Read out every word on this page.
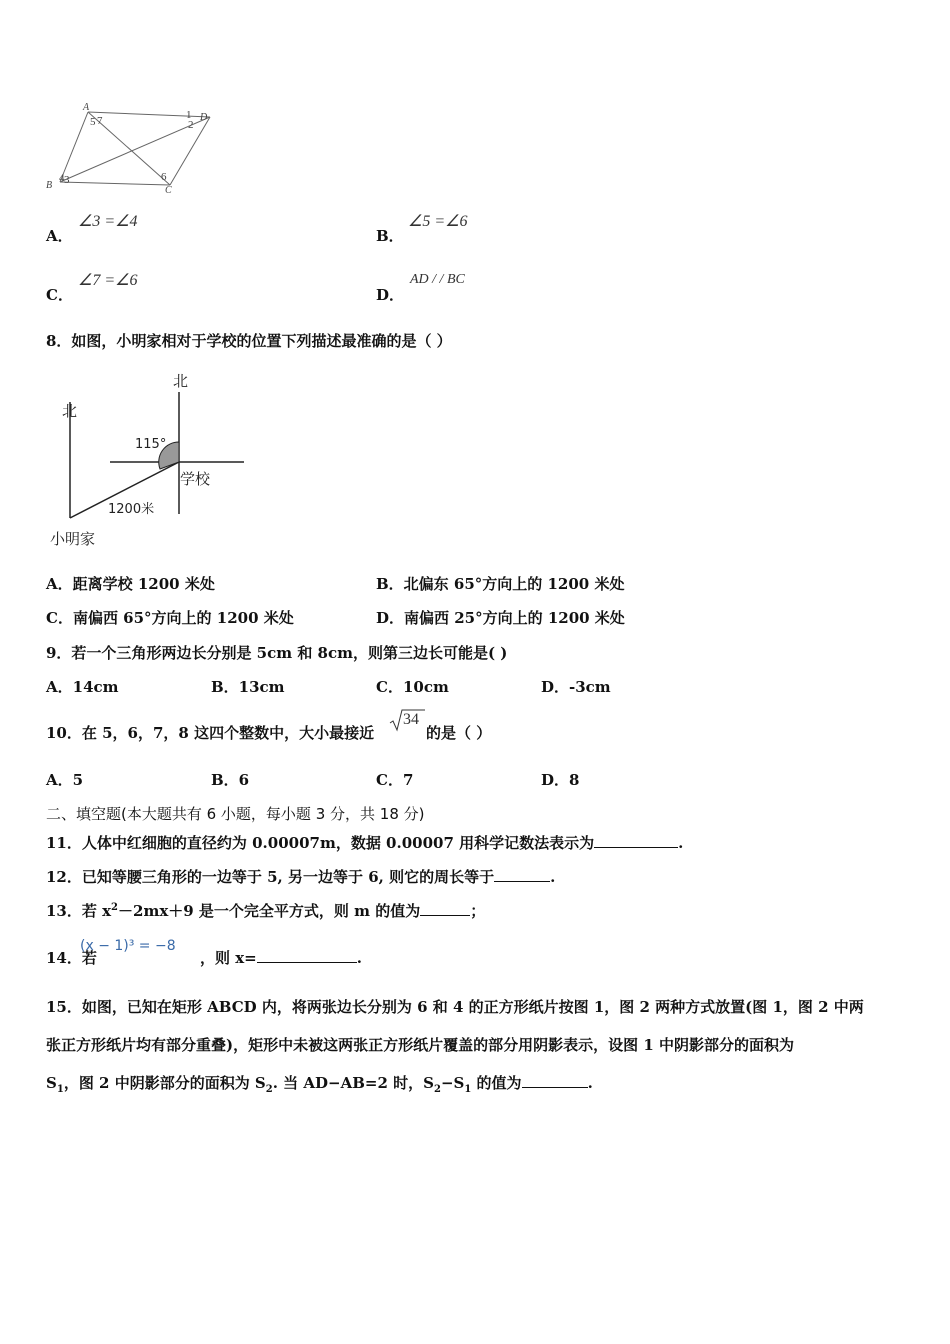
A
B	C
D
5 7	1
2
4 3	6
A．
∠3 =∠4
B．
∠5 =∠6
C．
∠7 =∠6
D．
AD / / BC
8．如图，小明家相对于学校的位置下列描述最准确的是（ ）
北
北
学校
小明家
115°
1200米
A．距离学校 1200 米处	B．北偏东 65°方向上的 1200 米处
C．南偏西 65°方向上的 1200 米处	D．南偏西 25°方向上的 1200 米处
9．若一个三角形两边长分别是 5cm 和 8cm，则第三边长可能是( )
A．14cm	B．13cm	C．10cm	D．-3cm
10．在 5，6，7，8 这四个整数中，大小最接近
34
的是（ ）
A．5	B．6	C．7	D．8
二、填空题(本大题共有 6 小题，每小题 3 分，共 18 分)
11．人体中红细胞的直径约为 0.00007m，数据 0.00007 用科学记数法表示为	.
12．已知等腰三角形的一边等于 5, 另一边等于 6, 则它的周长等于	.
13．若 $x^2-2mx+9$ 是一个完全平方式，则 m 的值为	；
14．若
(x − 1)³ = −8
，则 x=	.
15．如图，已知在矩形 ABCD 内，将两张边长分别为 6 和 4 的正方形纸片按图 1，图 2 两种方式放置(图 1，图 2 中两
张正方形纸片均有部分重叠)，矩形中未被这两张正方形纸片覆盖的部分用阴影表示，设图 1 中阴影部分的面积为
$S_1$，图 2 中阴影部分的面积为 $S_2$. 当 AD−AB=2 时，$S_2-S_1$ 的值为	.
